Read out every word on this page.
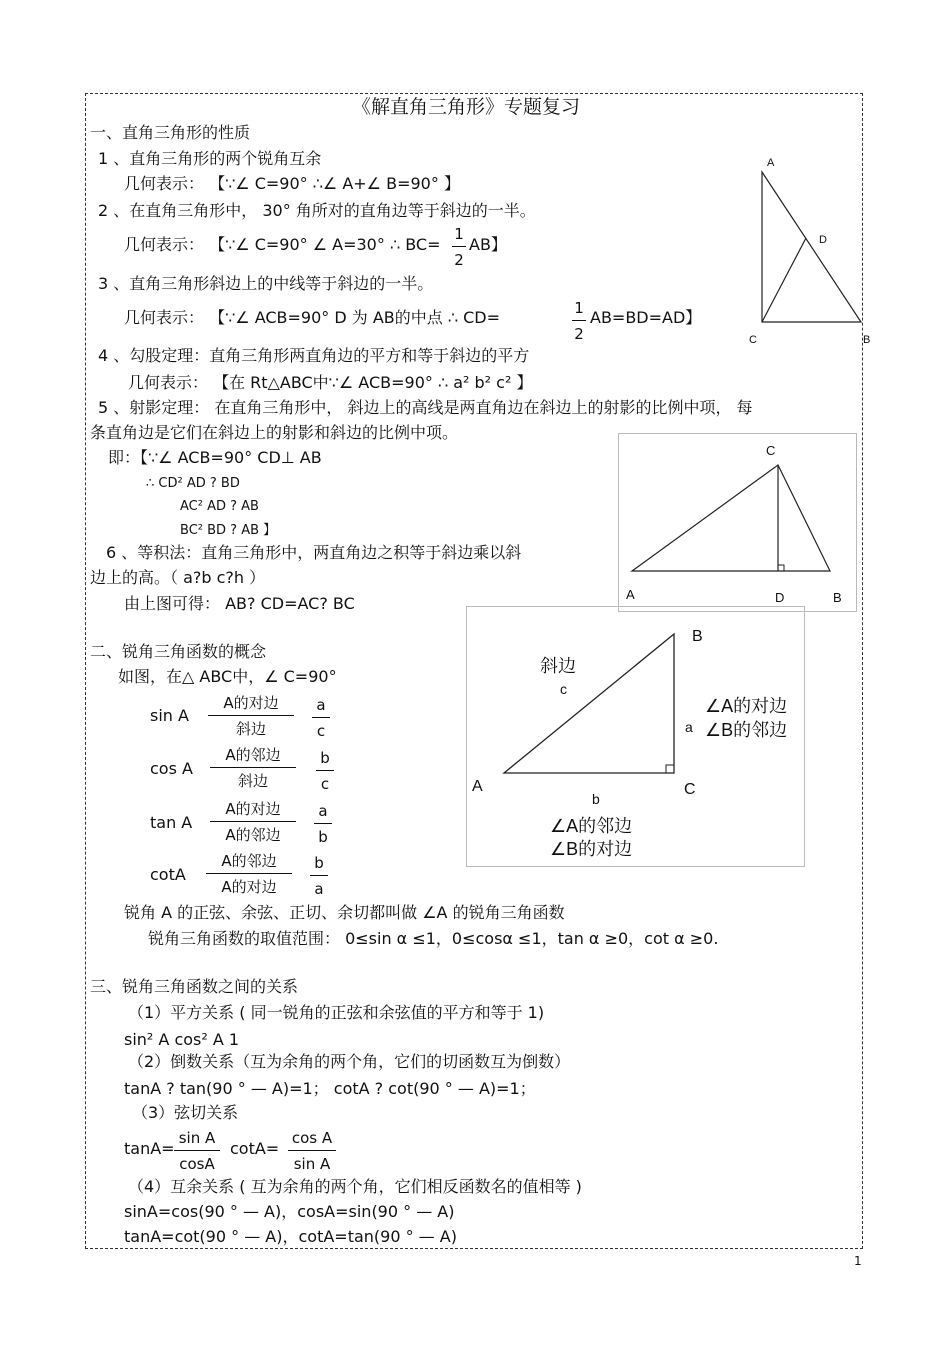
《解直角三角形》专题复习
一、直角三角形的性质
1 、直角三角形的两个锐角互余
几何表示： 【∵∠ C=90° ∴∠ A+∠ B=90° 】
2 、在直角三角形中， 30° 角所对的直角边等于斜边的一半。
几何表示： 【∵∠ C=90° ∠ A=30° ∴ $BC= \frac{1}{2}$ AB】
3 、直角三角形斜边上的中线等于斜边的一半。
几何表示： 【∵∠ ACB=90° D 为 AB的中点 ∴ CD=	$\frac{1}{2} AB=BD=AD$】
4 、勾股定理：直角三角形两直角边的平方和等于斜边的平方
几何表示： 【在 Rt△ABC中∵∠ ACB=90° ∴ a² b² c² 】
5 、射影定理： 在直角三角形中， 斜边上的高线是两直角边在斜边上的射影的比例中项， 每
条直角边是它们在斜边上的射影和斜边的比例中项。
即：【∵∠ ACB=90° CD⊥ AB
∴ CD² AD ? BD
AC² AD ? AB
BC² BD ? AB 】
6 、等积法：直角三角形中，两直角边之积等于斜边乘以斜
边上的高。（ a?b c?h ）
由上图可得： AB? CD=AC? BC
二、锐角三角函数的概念
如图，在△ ABC中，∠ C=90°
sin A
A的对边
斜边	$\frac{a}{c}$
cos A
A的邻边
斜边	$\frac{b}{c}$
tan A
A的对边
A的邻边	$\frac{a}{b}$
cotA
A的邻边
A的对边	$\frac{b}{a}$
锐角 A 的正弦、余弦、正切、余切都叫做 ∠A 的锐角三角函数
锐角三角函数的取值范围： 0≤sin α ≤1，0≤cosα ≤1，tan α ≥0，cot α ≥0.
三、锐角三角函数之间的关系
（1）平方关系 ( 同一锐角的正弦和余弦值的平方和等于 1)
sin² A cos² A 1
（2）倒数关系（互为余角的两个角，它们的切函数互为倒数）
tanA ? tan(90 ° — A)=1； cotA ? cot(90 ° — A)=1；
（3）弦切关系
$\tan A= \frac{\text{sin A}}{\cos A} \cot A= \frac{\text{cos A}}{\text{sin A}}$
（4）互余关系 ( 互为余角的两个角，它们相反函数名的值相等 )
sinA=cos(90 ° — A)，cosA=sin(90 ° — A)
tanA=cot(90 ° — A)，cotA=tan(90 ° — A)
A
D
C	B
C
A	D	B
B
A	C
斜边
c
a
b
∠A的对边
∠B的邻边
∠A的邻边
∠B的对边
1
